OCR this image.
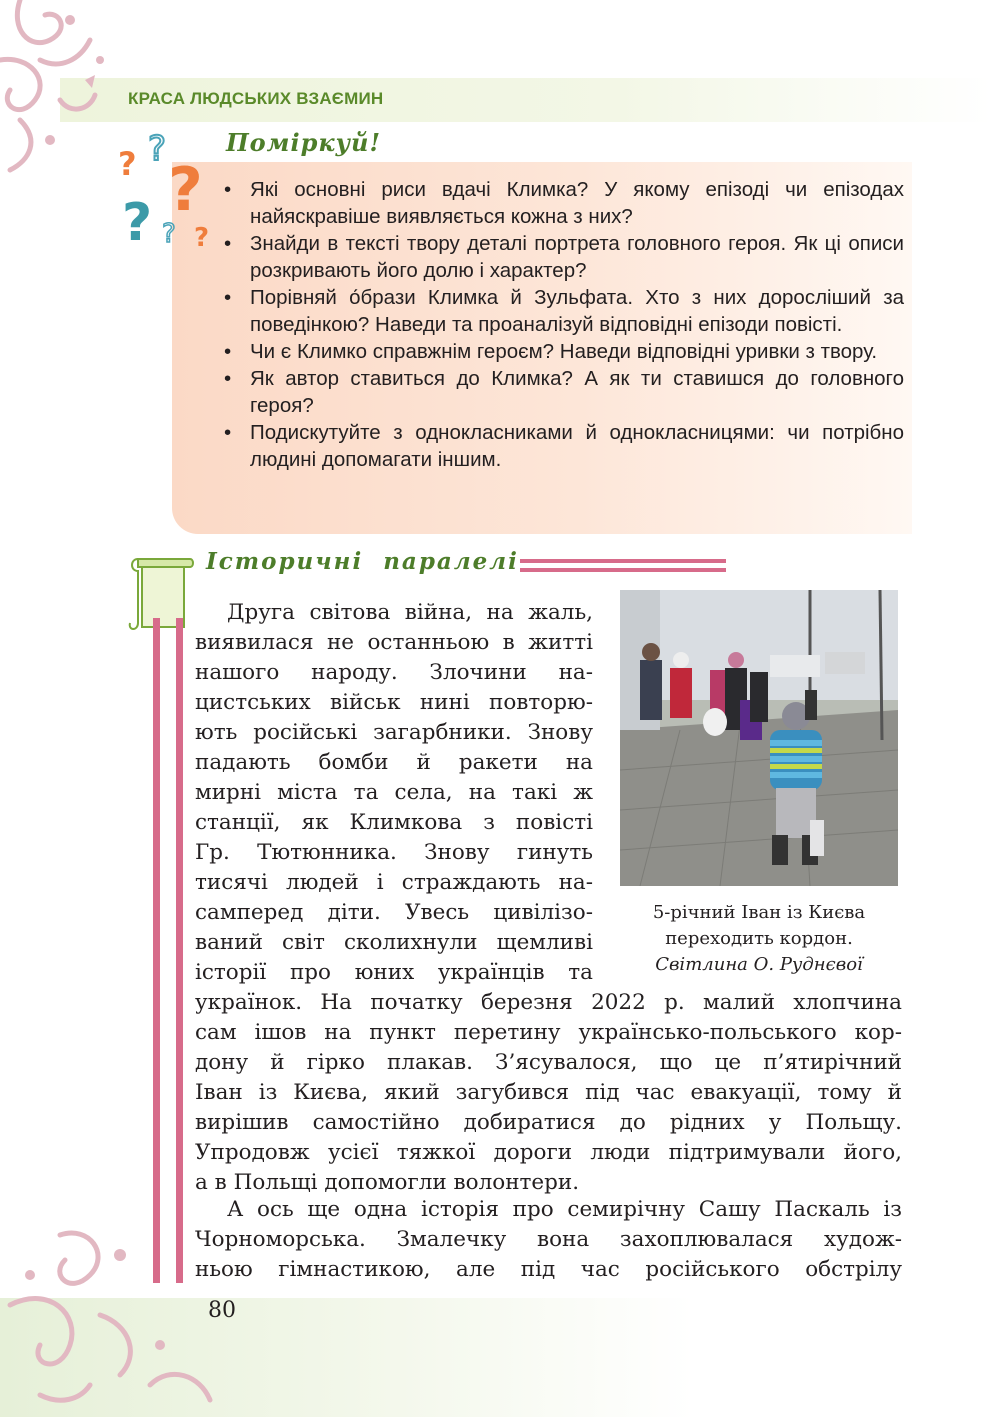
КРАСА ЛЮДСЬКИХ ВЗАЄМИН
? ?
?
? ? ?
Поміркуй!
• Які основні риси вдачі Климка? У якому епізоді чи епізодах найяскравіше виявляється кожна з них?
• Знайди в тексті твору деталі портрета головного героя. Як ці описи розкривають його долю і характер?
• Порівняй о́брази Климка й Зульфата. Хто з них доросліший за поведінкою? Наведи та проаналізуй відповідні епізоди повісті.
• Чи є Климко справжнім героєм? Наведи відповідні уривки з твору.
• Як автор ставиться до Климка? А як ти ставишся до головного героя?
• Подискутуйте з однокласниками й однокласницями: чи потрібно людині допомагати іншим.
Історичні  паралелі
5-річний Іван із Києва
переходить кордон.
Світлина О. Руднєвої
Друга світова війна, на жаль,
виявилася не останньою в житті
нашого народу. Злочини на-
цистських військ нині повторю-
ють російські загарбники. Знову
падають бомби й ракети на
мирні міста та села, на такі ж
станції, як Климкова з повісті
Гр. Тютюнника. Знову гинуть
тисячі людей і страждають на-
самперед діти. Увесь цивілізо-
ваний світ сколихнули щемливі
історії про юних українців та
українок. На початку березня 2022 р. малий хлопчина
сам ішов на пункт перетину українсько-польського кор-
дону й гірко плакав. З’ясувалося, що це п’ятирічний
Іван із Києва, який загубився під час евакуації, тому й
вирішив самостійно добиратися до рідних у Польщу.
Упродовж усієї тяжкої дороги люди підтримували його,
а в Польщі допомогли волонтери.
А ось ще одна історія про семирічну Сашу Паскаль із
Чорноморська. Змалечку вона захоплювалася худож-
ньою гімнастикою, але під час російського обстрілу
80
